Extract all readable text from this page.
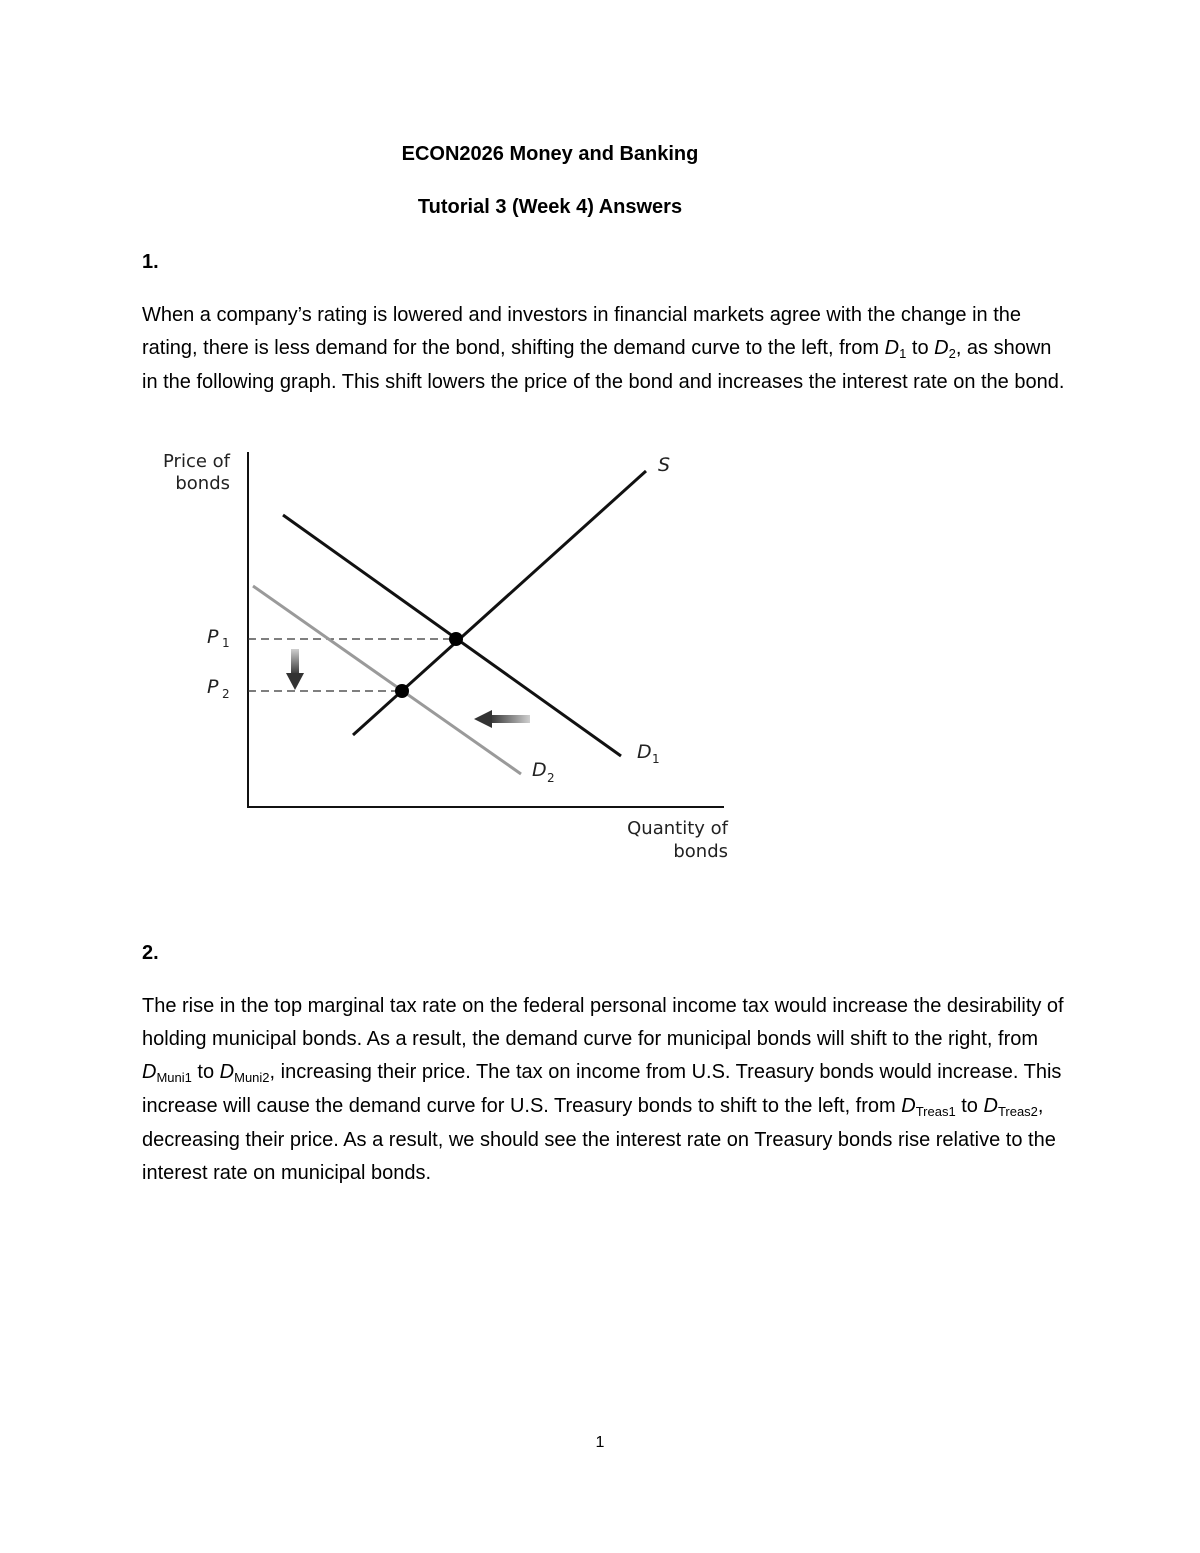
ECON2026 Money and Banking
Tutorial 3 (Week 4) Answers
1.
When a company’s rating is lowered and investors in financial markets agree with the change in the rating, there is less demand for the bond, shifting the demand curve to the left, from $D_1$ to $D_2$, as shown in the following graph. This shift lowers the price of the bond and increases the interest rate on the bond.
Price of
bonds
Quantity of
bonds
P 1
P 2
S
D 1
D 2
2.
The rise in the top marginal tax rate on the federal personal income tax would increase the desirability of holding municipal bonds. As a result, the demand curve for municipal bonds will shift to the right, from $D_{Muni1}$ to $D_{Muni2}$, increasing their price. The tax on income from U.S. Treasury bonds would increase. This increase will cause the demand curve for U.S. Treasury bonds to shift to the left, from $D_{Treas1}$ to $D_{Treas2}$, decreasing their price. As a result, we should see the interest rate on Treasury bonds rise relative to the interest rate on municipal bonds.
1
